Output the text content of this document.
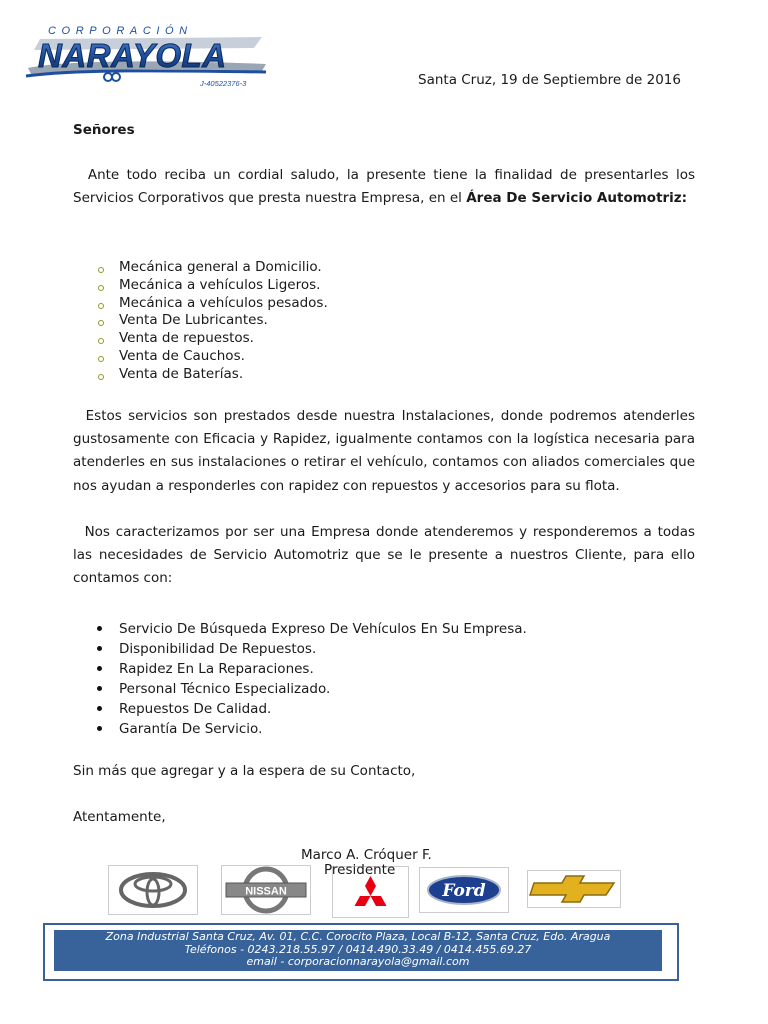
CORPORACIÓN
NARAYOLA
J-40522376-3	Santa Cruz, 19 de Septiembre de 2016
Señores
Ante todo reciba un cordial saludo, la presente tiene la finalidad de presentarles los Servicios Corporativos que presta nuestra Empresa, en el Área De Servicio Automotriz:
Mecánica general a Domicilio.
Mecánica a vehículos Ligeros.
Mecánica a vehículos pesados.
Venta De Lubricantes.
Venta de repuestos.
Venta de Cauchos.
Venta de Baterías.
Estos servicios son prestados desde nuestra Instalaciones, donde podremos atenderles gustosamente con Eficacia y Rapidez, igualmente contamos con la logística necesaria para  atenderles en sus instalaciones o retirar el vehículo, contamos con aliados comerciales que nos ayudan a responderles con rapidez con repuestos y accesorios para su flota.
Nos caracterizamos por ser una Empresa donde atenderemos y responderemos a todas las necesidades de Servicio Automotriz que se le presente a nuestros Cliente, para ello contamos con:
Servicio De Búsqueda Expreso De Vehículos En Su Empresa.
Disponibilidad De Repuestos.
Rapidez En La Reparaciones.
Personal Técnico Especializado.
Repuestos De Calidad.
Garantía De Servicio.
Sin más que agregar y a la espera de su Contacto,
Atentamente,
Marco A. Cróquer F.
Presidente
NISSAN	Ford
Zona Industrial Santa Cruz, Av. 01, C.C. Corocito Plaza, Local B-12, Santa Cruz, Edo. Aragua
Teléfonos - 0243.218.55.97 / 0414.490.33.49 / 0414.455.69.27
email - corporacionnarayola@gmail.com
